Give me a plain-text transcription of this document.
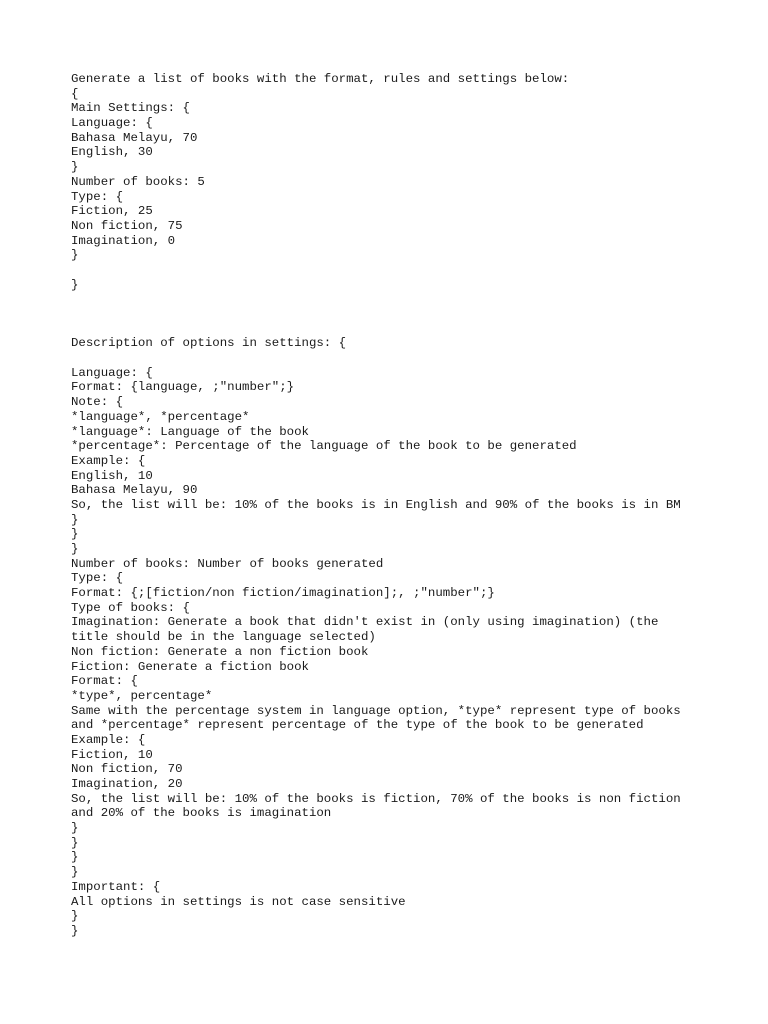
Generate a list of books with the format, rules and settings below:
{
Main Settings: {
Language: {
Bahasa Melayu, 70
English, 30
}
Number of books: 5
Type: {
Fiction, 25
Non fiction, 75
Imagination, 0
}
}
Description of options in settings: {
Language: {
Format: {language, ;"number";}
Note: {
*language*, *percentage*
*language*: Language of the book
*percentage*: Percentage of the language of the book to be generated
Example: {
English, 10
Bahasa Melayu, 90
So, the list will be: 10% of the books is in English and 90% of the books is in BM
}
}
}
Number of books: Number of books generated
Type: {
Format: {;[fiction/non fiction/imagination];, ;"number";}
Type of books: {
Imagination: Generate a book that didn't exist in (only using imagination) (the
title should be in the language selected)
Non fiction: Generate a non fiction book
Fiction: Generate a fiction book
Format: {
*type*, percentage*
Same with the percentage system in language option, *type* represent type of books
and *percentage* represent percentage of the type of the book to be generated
Example: {
Fiction, 10
Non fiction, 70
Imagination, 20
So, the list will be: 10% of the books is fiction, 70% of the books is non fiction
and 20% of the books is imagination
}
}
}
}
Important: {
All options in settings is not case sensitive
}
}
